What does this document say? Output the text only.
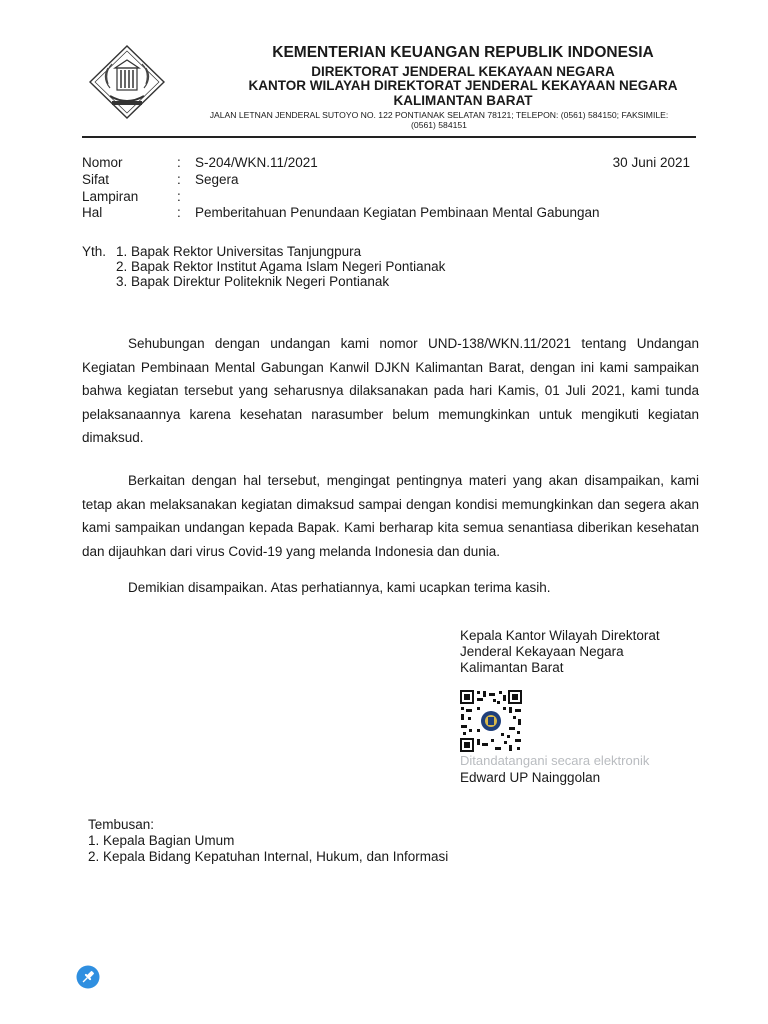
KEMENTERIAN KEUANGAN REPUBLIK INDONESIA
DIREKTORAT JENDERAL KEKAYAAN NEGARA
KANTOR WILAYAH DIREKTORAT JENDERAL KEKAYAAN NEGARA
KALIMANTAN BARAT
JALAN LETNAN JENDERAL SUTOYO NO. 122 PONTIANAK SELATAN 78121; TELEPON: (0561) 584150; FAKSIMILE:
(0561) 584151
Nomor	: S-204/WKN.11/2021	30 Juni 2021
Sifat	: Segera
Lampiran	:
Hal	: Pemberitahuan Penundaan Kegiatan Pembinaan Mental Gabungan
Yth. 1. Bapak Rektor Universitas Tanjungpura
2. Bapak Rektor Institut Agama Islam Negeri Pontianak
3. Bapak Direktur Politeknik Negeri Pontianak
Sehubungan dengan undangan kami nomor UND-138/WKN.11/2021 tentang Undangan Kegiatan Pembinaan Mental Gabungan Kanwil DJKN Kalimantan Barat, dengan ini kami sampaikan bahwa kegiatan tersebut yang seharusnya dilaksanakan pada hari Kamis, 01 Juli 2021, kami tunda pelaksanaannya karena kesehatan narasumber belum memungkinkan untuk mengikuti kegiatan dimaksud.
Berkaitan dengan hal tersebut, mengingat pentingnya materi yang akan disampaikan, kami tetap akan melaksanakan kegiatan dimaksud sampai dengan kondisi memungkinkan dan segera akan kami sampaikan undangan kepada Bapak. Kami berharap kita semua senantiasa diberikan kesehatan dan dijauhkan dari virus Covid-19 yang melanda Indonesia dan dunia.
Demikian disampaikan. Atas perhatiannya, kami ucapkan terima kasih.
Kepala Kantor Wilayah Direktorat
Jenderal Kekayaan Negara
Kalimantan Barat
Ditandatangani secara elektronik
Edward UP Nainggolan
Tembusan:
1. Kepala Bagian Umum
2. Kepala Bidang Kepatuhan Internal, Hukum, dan Informasi
